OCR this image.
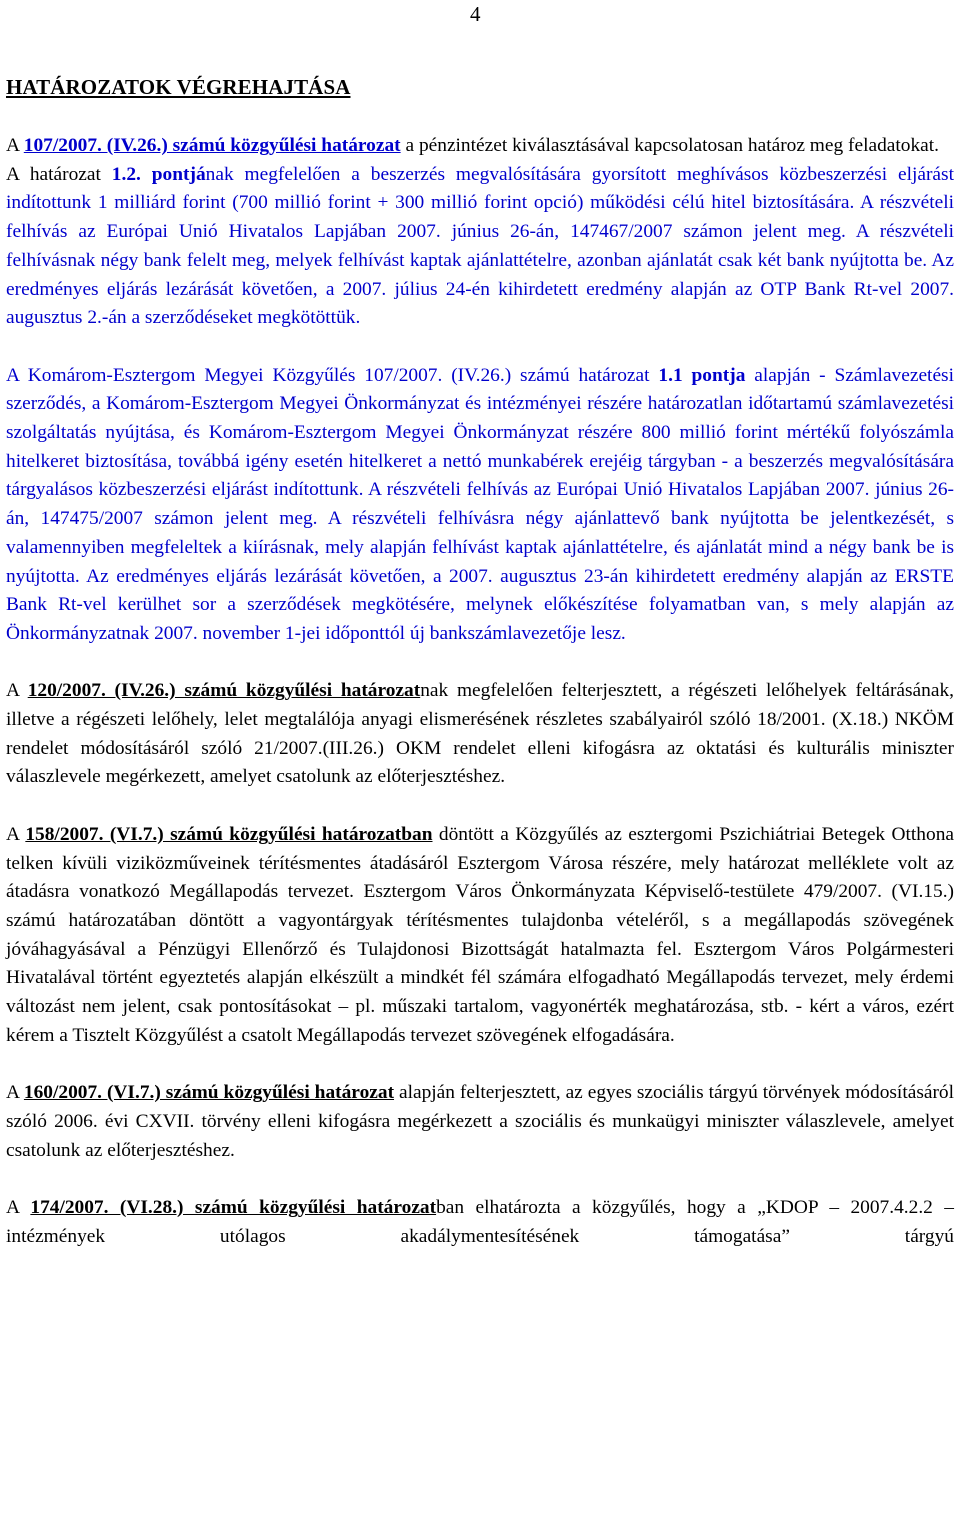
4
HATÁROZATOK VÉGREHAJTÁSA

A 107/2007. (IV.26.) számú közgyűlési határozat a pénzintézet kiválasztásával kapcsolatosan határoz meg feladatokat.
A határozat 1.2. pontjának megfelelően a beszerzés megvalósítására gyorsított meghívásos közbeszerzési eljárást indítottunk 1 milliárd forint (700 millió forint + 300 millió forint opció) működési célú hitel biztosítására. A részvételi felhívás az Európai Unió Hivatalos Lapjában 2007. június 26-án, 147467/2007 számon jelent meg. A részvételi felhívásnak négy bank felelt meg, melyek felhívást kaptak ajánlattételre, azonban ajánlatát csak két bank nyújtotta be. Az eredményes eljárás lezárását követően, a 2007. július 24-én kihirdetett eredmény alapján az OTP Bank Rt-vel 2007. augusztus 2.-án a szerződéseket megkötöttük.

A Komárom-Esztergom Megyei Közgyűlés 107/2007. (IV.26.) számú határozat 1.1 pontja alapján - Számlavezetési szerződés, a Komárom-Esztergom Megyei Önkormányzat és intézményei részére határozatlan időtartamú számlavezetési szolgáltatás nyújtása, és Komárom-Esztergom Megyei Önkormányzat részére 800 millió forint mértékű folyószámla hitelkeret biztosítása, továbbá igény esetén hitelkeret a nettó munkabérek erejéig tárgyban - a beszerzés megvalósítására tárgyalásos közbeszerzési eljárást indítottunk. A részvételi felhívás az Európai Unió Hivatalos Lapjában 2007. június 26-án, 147475/2007 számon jelent meg. A részvételi felhívásra négy ajánlattevő bank nyújtotta be jelentkezését, s valamennyiben megfeleltek a kiírásnak, mely alapján felhívást kaptak ajánlattételre, és ajánlatát mind a négy bank be is nyújtotta. Az eredményes eljárás lezárását követően, a 2007. augusztus 23-án kihirdetett eredmény alapján az ERSTE Bank Rt-vel kerülhet sor a szerződések megkötésére, melynek előkészítése folyamatban van, s mely alapján az Önkormányzatnak 2007. november 1-jei időponttól új bankszámlavezetője lesz.

A 120/2007. (IV.26.) számú közgyűlési határozatnak megfelelően felterjesztett, a régészeti lelőhelyek feltárásának, illetve a régészeti lelőhely, lelet megtalálója anyagi elismerésének részletes szabályairól szóló 18/2001. (X.18.) NKÖM rendelet módosításáról szóló 21/2007.(III.26.) OKM rendelet elleni kifogásra az oktatási és kulturális miniszter válaszlevele megérkezett, amelyet csatolunk az előterjesztéshez.

A 158/2007. (VI.7.) számú közgyűlési határozatban döntött a Közgyűlés az esztergomi Pszichiátriai Betegek Otthona telken kívüli viziközműveinek térítésmentes átadásáról Esztergom Városa részére, mely határozat melléklete volt az átadásra vonatkozó Megállapodás tervezet. Esztergom Város Önkormányzata Képviselő-testülete 479/2007. (VI.15.) számú határozatában döntött a vagyontárgyak térítésmentes tulajdonba vételéről, s a megállapodás szövegének jóváhagyásával a Pénzügyi Ellenőrző és Tulajdonosi Bizottságát hatalmazta fel. Esztergom Város Polgármesteri Hivatalával történt egyeztetés alapján elkészült a mindkét fél számára elfogadható Megállapodás tervezet, mely érdemi változást nem jelent, csak pontosításokat – pl. műszaki tartalom, vagyonérték meghatározása, stb. - kért a város, ezért kérem a Tisztelt Közgyűlést a csatolt Megállapodás tervezet szövegének elfogadására.

A 160/2007. (VI.7.) számú közgyűlési határozat alapján felterjesztett, az egyes szociális tárgyú törvények módosításáról szóló 2006. évi CXVII. törvény elleni kifogásra megérkezett a szociális és munkaügyi miniszter válaszlevele, amelyet csatolunk az előterjesztéshez.

A 174/2007. (VI.28.) számú közgyűlési határozatban elhatározta a közgyűlés, hogy a „KDOP – 2007.4.2.2 – intézmények utólagos akadálymentesítésének támogatása” tárgyú
